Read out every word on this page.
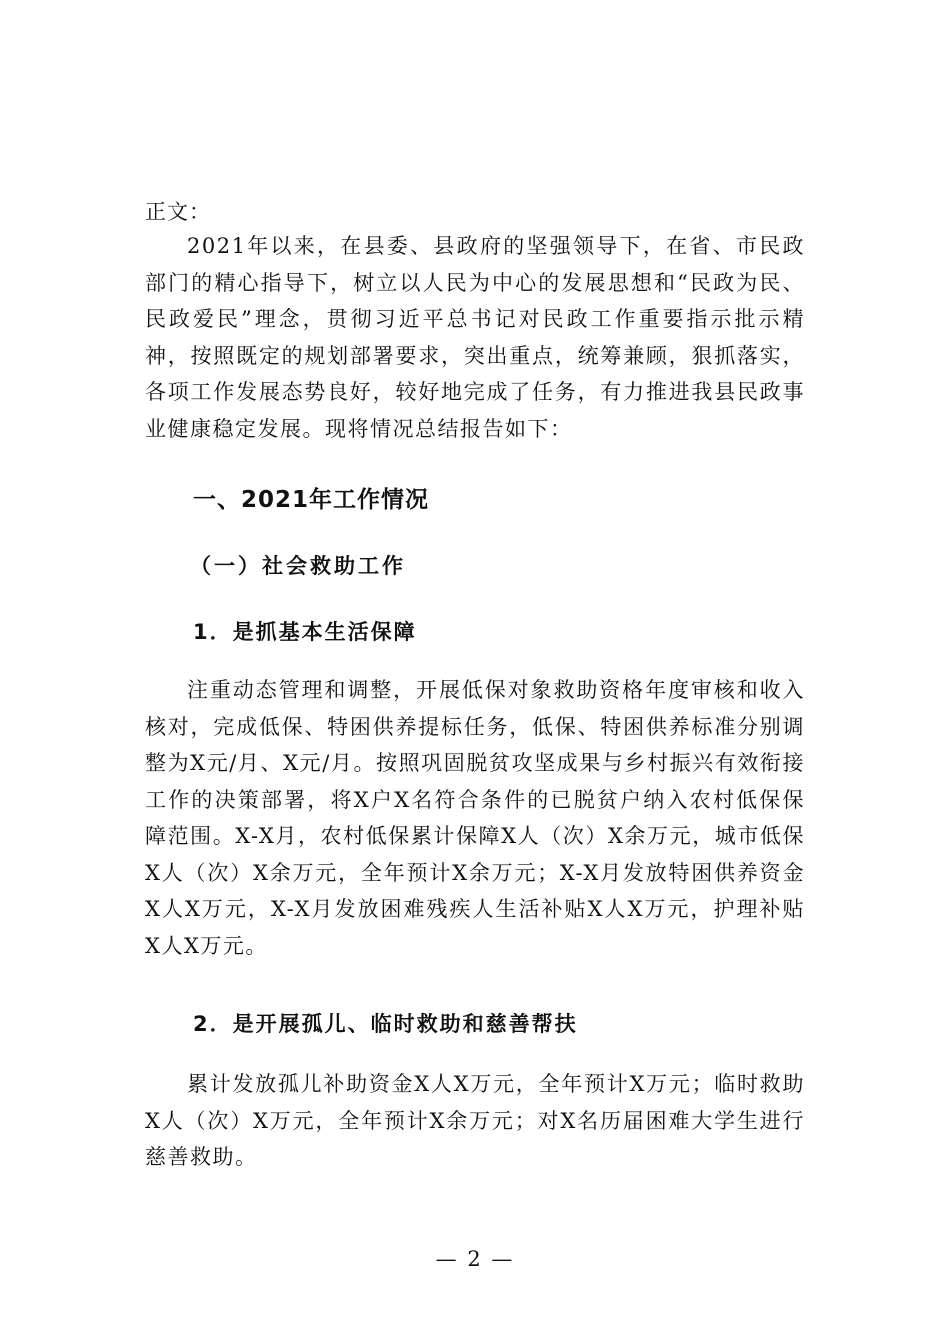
正文：

2021年以来，在县委、县政府的坚强领导下，在省、市民政部门的精心指导下，树立以人民为中心的发展思想和“民政为民、民政爱民”理念，贯彻习近平总书记对民政工作重要指示批示精神，按照既定的规划部署要求，突出重点，统筹兼顾，狠抓落实，各项工作发展态势良好，较好地完成了任务，有力推进我县民政事业健康稳定发展。现将情况总结报告如下：

一、2021年工作情况
（一）社会救助工作
1．是抓基本生活保障

注重动态管理和调整，开展低保对象救助资格年度审核和收入核对，完成低保、特困供养提标任务，低保、特困供养标准分别调整为X元/月、X元/月。按照巩固脱贫攻坚成果与乡村振兴有效衔接工作的决策部署，将X户X名符合条件的已脱贫户纳入农村低保保障范围。X-X月，农村低保累计保障X人（次）X余万元，城市低保X人（次）X余万元，全年预计X余万元；X-X月发放特困供养资金X人X万元，X-X月发放困难残疾人生活补贴X人X万元，护理补贴X人X万元。

2．是开展孤儿、临时救助和慈善帮扶

累计发放孤儿补助资金X人X万元，全年预计X万元；临时救助X人（次）X万元，全年预计X余万元；对X名历届困难大学生进行慈善救助。

— 2 —
